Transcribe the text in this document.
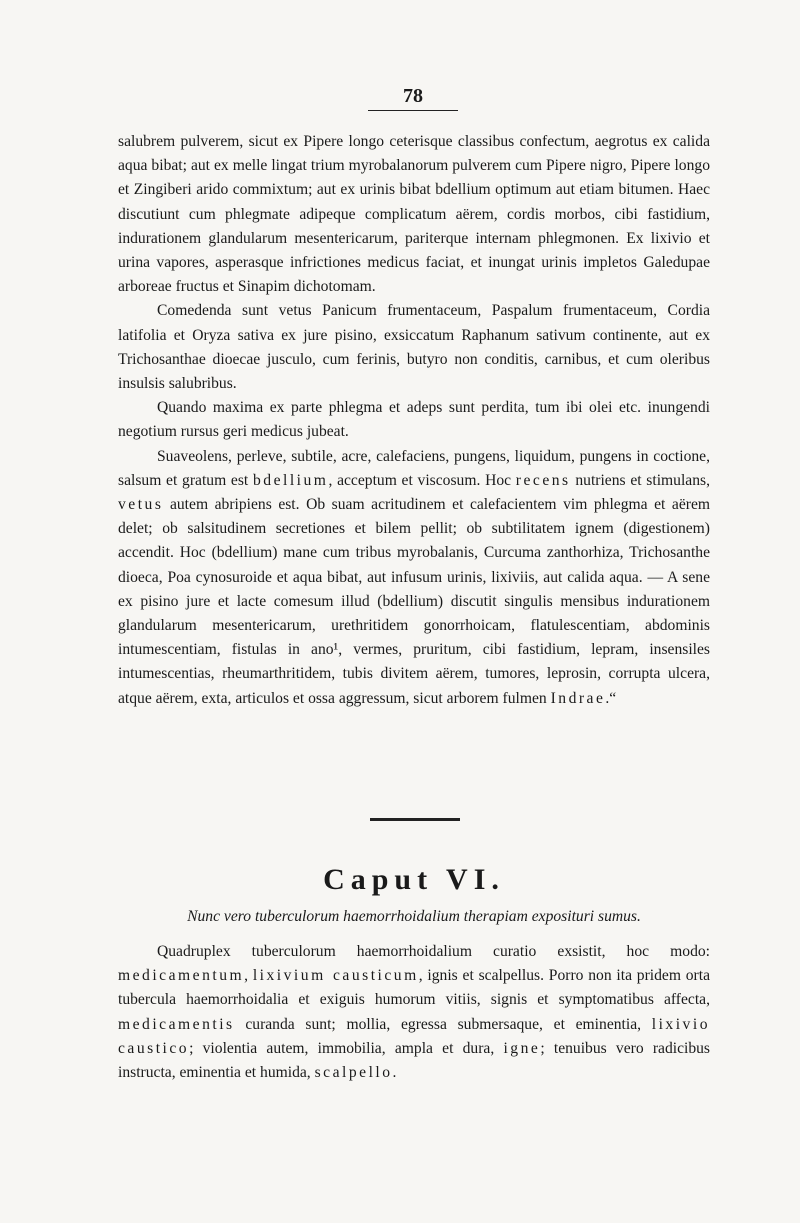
78

salubrem pulverem, sicut ex Pipere longo ceterisque classibus confectum, aegrotus ex calida aqua bibat; aut ex melle lingat trium myrobalanorum pulverem cum Pipere nigro, Pipere longo et Zingiberi arido commixtum; aut ex urinis bibat bdellium optimum aut etiam bitumen. Haec discutiunt cum phlegmate adipeque complicatum aërem, cordis morbos, cibi fastidium, indurationem glandularum mesentericarum, pariterque internam phlegmonen. Ex lixivio et urina vapores, asperasque infrictiones medicus faciat, et inungat urinis impletos Galedupae arboreae fructus et Sinapim dichotomam.

Comedenda sunt vetus Panicum frumentaceum, Paspalum frumentaceum, Cordia latifolia et Oryza sativa ex jure pisino, exsiccatum Raphanum sativum continente, aut ex Trichosanthae dioecae jusculo, cum ferinis, butyro non conditis, carnibus, et cum oleribus insulsis salubribus.

Quando maxima ex parte phlegma et adeps sunt perdita, tum ibi olei etc. inungendi negotium rursus geri medicus jubeat.

Suaveolens, perleve, subtile, acre, calefaciens, pungens, liquidum, pungens in coctione, salsum et gratum est bdellium, acceptum et viscosum. Hoc recens nutriens et stimulans, vetus autem abripiens est. Ob suam acritudinem et calefacientem vim phlegma et aërem delet; ob salsitudinem secretiones et bilem pellit; ob subtilitatem ignem (digestionem) accendit. Hoc (bdellium) mane cum tribus myrobalanis, Curcuma zanthorhiza, Trichosanthe dioeca, Poa cynosuroide et aqua bibat, aut infusum urinis, lixiviis, aut calida aqua. — A sene ex pisino jure et lacte comesum illud (bdellium) discutit singulis mensibus indurationem glandularum mesentericarum, urethritidem gonorrhoicam, flatulescentiam, abdominis intumescentiam, fistulas in ano¹, vermes, pruritum, cibi fastidium, lepram, insensiles intumescentias, rheumarthritidem, tubis divitem aërem, tumores, leprosin, corrupta ulcera, atque aërem, exta, articulos et ossa aggressum, sicut arborem fulmen Indrae.“

Caput VI.
Nunc vero tuberculorum haemorrhoidalium therapiam exposituri sumus.

Quadruplex tuberculorum haemorrhoidalium curatio exsistit, hoc modo: medicamentum, lixivium causticum, ignis et scalpellus. Porro non ita pridem orta tubercula haemorrhoidalia et exiguis humorum vitiis, signis et symptomatibus affecta, medicamentis curanda sunt; mollia, egressa submersaque, et eminentia, lixivio caustico; violentia autem, immobilia, ampla et dura, igne; tenuibus vero radicibus instructa, eminentia et humida, scalpello.
